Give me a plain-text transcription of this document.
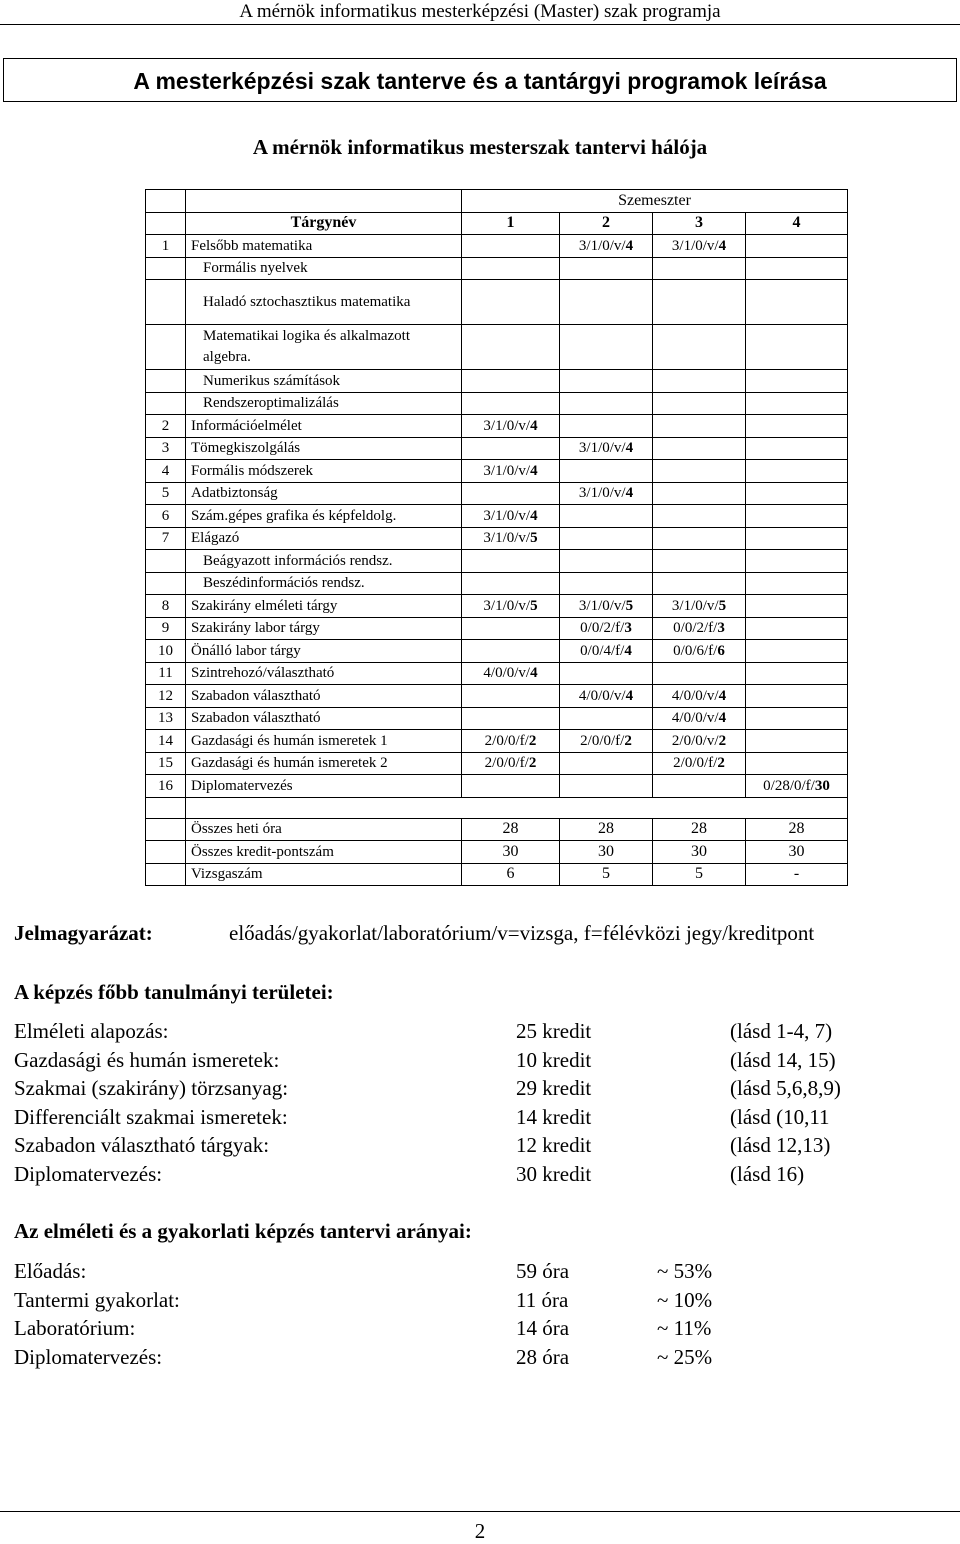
A mérnök informatikus mesterképzési (Master) szak programja
A mesterképzési szak tanterve és a tantárgyi programok leírása
A mérnök informatikus mesterszak tantervi hálója
		Szemeszter			
	Tárgynév	1	2	3	4
1	Felsőbb matematika		3/1/0/v/4	3/1/0/v/4	
	Formális nyelvek				
	Haladó sztochasztikus matematika				
	Matematikai logika és alkalmazott algebra.				
	Numerikus számítások				
	Rendszeroptimalizálás				
2	Információelmélet	3/1/0/v/4			
3	Tömegkiszolgálás		3/1/0/v/4		
4	Formális módszerek	3/1/0/v/4			
5	Adatbiztonság		3/1/0/v/4		
6	Szám.gépes grafika és képfeldolg.	3/1/0/v/4			
7	Elágazó	3/1/0/v/5			
	Beágyazott információs rendsz.				
	Beszédinformációs rendsz.				
8	Szakirány elméleti tárgy	3/1/0/v/5	3/1/0/v/5	3/1/0/v/5	
9	Szakirány labor tárgy		0/0/2/f/3	0/0/2/f/3	
10	Önálló labor tárgy		0/0/4/f/4	0/0/6/f/6	
11	Szintrehozó/választható	4/0/0/v/4			
12	Szabadon választható		4/0/0/v/4	4/0/0/v/4	
13	Szabadon választható			4/0/0/v/4	
14	Gazdasági és humán ismeretek 1	2/0/0/f/2	2/0/0/f/2	2/0/0/v/2	
15	Gazdasági és humán ismeretek 2	2/0/0/f/2		2/0/0/f/2	
16	Diplomatervezés				0/28/0/f/30

	Összes heti óra	28	28	28	28
	Összes kredit-pontszám	30	30	30	30
	Vizsgaszám	6	5	5	-
Jelmagyarázat:	előadás/gyakorlat/laboratórium/v=vizsga, f=félévközi jegy/kreditpont
A képzés főbb tanulmányi területei:
Elméleti alapozás:	25 kredit	(lásd 1-4, 7)
Gazdasági és humán ismeretek:	10 kredit	(lásd 14, 15)
Szakmai (szakirány) törzsanyag:	29 kredit	(lásd 5,6,8,9)
Differenciált szakmai ismeretek:	14 kredit	(lásd (10,11
Szabadon választható tárgyak:	12 kredit	(lásd 12,13)
Diplomatervezés:	30 kredit	(lásd 16)
Az elméleti és a gyakorlati képzés tantervi arányai:
Előadás:	59 óra	~ 53%
Tantermi gyakorlat:	11 óra	~ 10%
Laboratórium:	14 óra	~ 11%
Diplomatervezés:	28 óra	~ 25%
2
